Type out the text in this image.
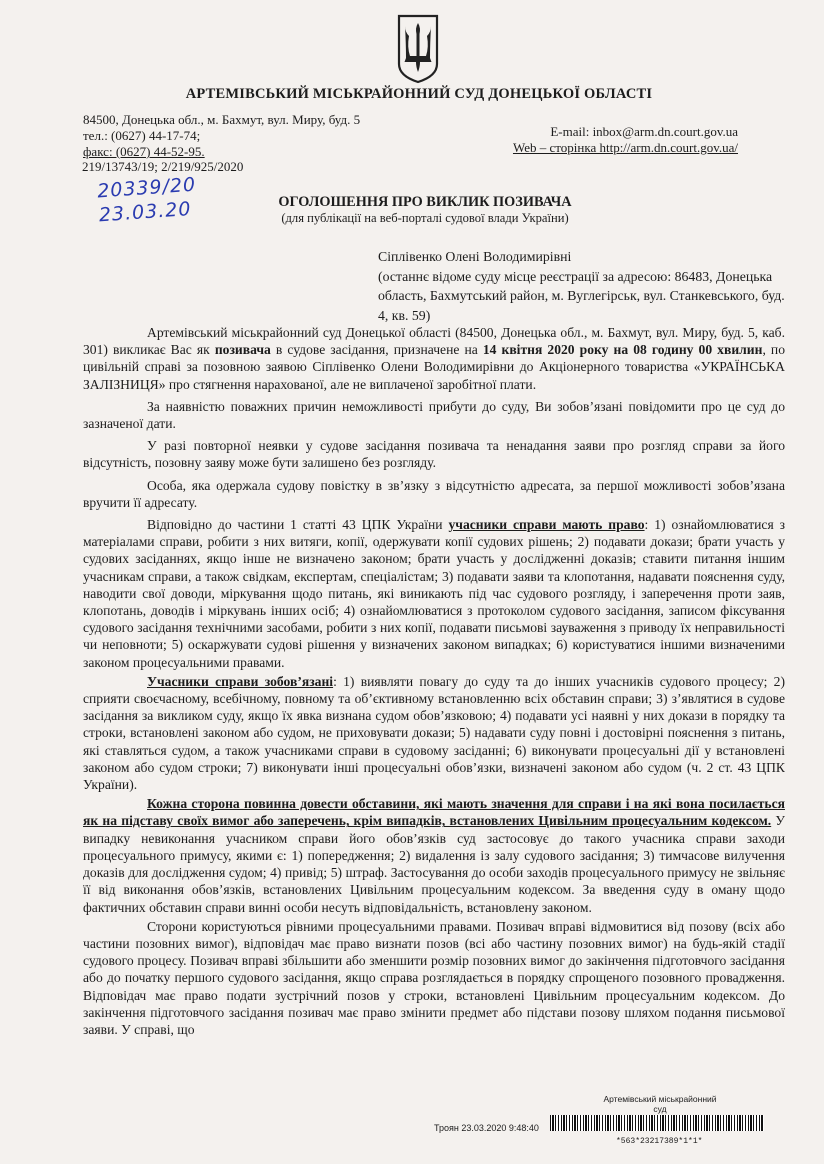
АРТЕМІВСЬКИЙ МІСЬКРАЙОННИЙ СУД ДОНЕЦЬКОЇ ОБЛАСТІ
84500, Донецька обл., м. Бахмут, вул. Миру, буд. 5
тел.: (0627) 44-17-74;
факс: (0627) 44-52-95.
E-mail: inbox@arm.dn.court.gov.ua
Web – сторінка http://arm.dn.court.gov.ua/
219/13743/19; 2/219/925/2020
20339/20
23.03.20	ОГОЛОШЕННЯ ПРО ВИКЛИК ПОЗИВАЧА
(для публікації на веб-порталі судової влади України)
Сіплівенко Олені Володимирівні
(останнє відоме суду місце реєстрації за адресою: 86483, Донецька область, Бахмутський район, м. Вуглегірськ, вул. Станкевського, буд. 4, кв. 59)

Артемівський міськрайонний суд Донецької області (84500, Донецька обл., м. Бахмут, вул. Миру, буд. 5, каб. 301) викликає Вас як позивача в судове засідання, призначене на 14 квітня 2020 року на 08 годину 00 хвилин, по цивільній справі за позовною заявою Сіплівенко Олени Володимирівни до Акціонерного товариства «УКРАЇНСЬКА ЗАЛІЗНИЦЯ» про стягнення нарахованої, але не виплаченої заробітної плати.

За наявністю поважних причин неможливості прибути до суду, Ви зобов’язані повідомити про це суд до зазначеної дати.

У разі повторної неявки у судове засідання позивача та ненадання заяви про розгляд справи за його відсутність, позовну заяву може бути залишено без розгляду.

Особа, яка одержала судову повістку в зв’язку з відсутністю адресата, за першої можливості зобов’язана вручити її адресату.

Відповідно до частини 1 статті 43 ЦПК України учасники справи мають право: 1) ознайомлюватися з матеріалами справи, робити з них витяги, копії, одержувати копії судових рішень; 2) подавати докази; брати участь у судових засіданнях, якщо інше не визначено законом; брати участь у дослідженні доказів; ставити питання іншим учасникам справи, а також свідкам, експертам, спеціалістам; 3) подавати заяви та клопотання, надавати пояснення суду, наводити свої доводи, міркування щодо питань, які виникають під час судового розгляду, і заперечення проти заяв, клопотань, доводів і міркувань інших осіб; 4) ознайомлюватися з протоколом судового засідання, записом фіксування судового засідання технічними засобами, робити з них копії, подавати письмові зауваження з приводу їх неправильності чи неповноти; 5) оскаржувати судові рішення у визначених законом випадках; 6) користуватися іншими визначеними законом процесуальними правами.

Учасники справи зобов’язані: 1) виявляти повагу до суду та до інших учасників судового процесу; 2) сприяти своєчасному, всебічному, повному та об’єктивному встановленню всіх обставин справи; 3) з’являтися в судове засідання за викликом суду, якщо їх явка визнана судом обов’язковою; 4) подавати усі наявні у них докази в порядку та строки, встановлені законом або судом, не приховувати докази; 5) надавати суду повні і достовірні пояснення з питань, які ставляться судом, а також учасниками справи в судовому засіданні; 6) виконувати процесуальні дії у встановлені законом або судом строки; 7) виконувати інші процесуальні обов’язки, визначені законом або судом (ч. 2 ст. 43 ЦПК України).

Кожна сторона повинна довести обставини, які мають значення для справи і на які вона посилається як на підставу своїх вимог або заперечень, крім випадків, встановлених Цивільним процесуальним кодексом. У випадку невиконання учасником справи його обов’язків суд застосовує до такого учасника справи заходи процесуального примусу, якими є: 1) попередження; 2) видалення із залу судового засідання; 3) тимчасове вилучення доказів для дослідження судом; 4) привід; 5) штраф. Застосування до особи заходів процесуального примусу не звільняє її від виконання обов’язків, встановлених Цивільним процесуальним кодексом. За введення суду в оману щодо фактичних обставин справи винні особи несуть відповідальність, встановлену законом.

Сторони користуються рівними процесуальними правами. Позивач вправі відмовитися від позову (всіх або частини позовних вимог), відповідач має право визнати позов (всі або частину позовних вимог) на будь-якій стадії судового процесу. Позивач вправі збільшити або зменшити розмір позовних вимог до закінчення підготовчого засідання або до початку першого судового засідання, якщо справа розглядається в порядку спрощеного позовного провадження. Відповідач має право подати зустрічний позов у строки, встановлені Цивільним процесуальним кодексом. До закінчення підготовчого засідання позивач має право змінити предмет або підстави позову шляхом подання письмової заяви. У справі, що

Артемівський міськрайонний суд
Троян 23.03.2020 9:48:40
*563*23217389*1*1*
